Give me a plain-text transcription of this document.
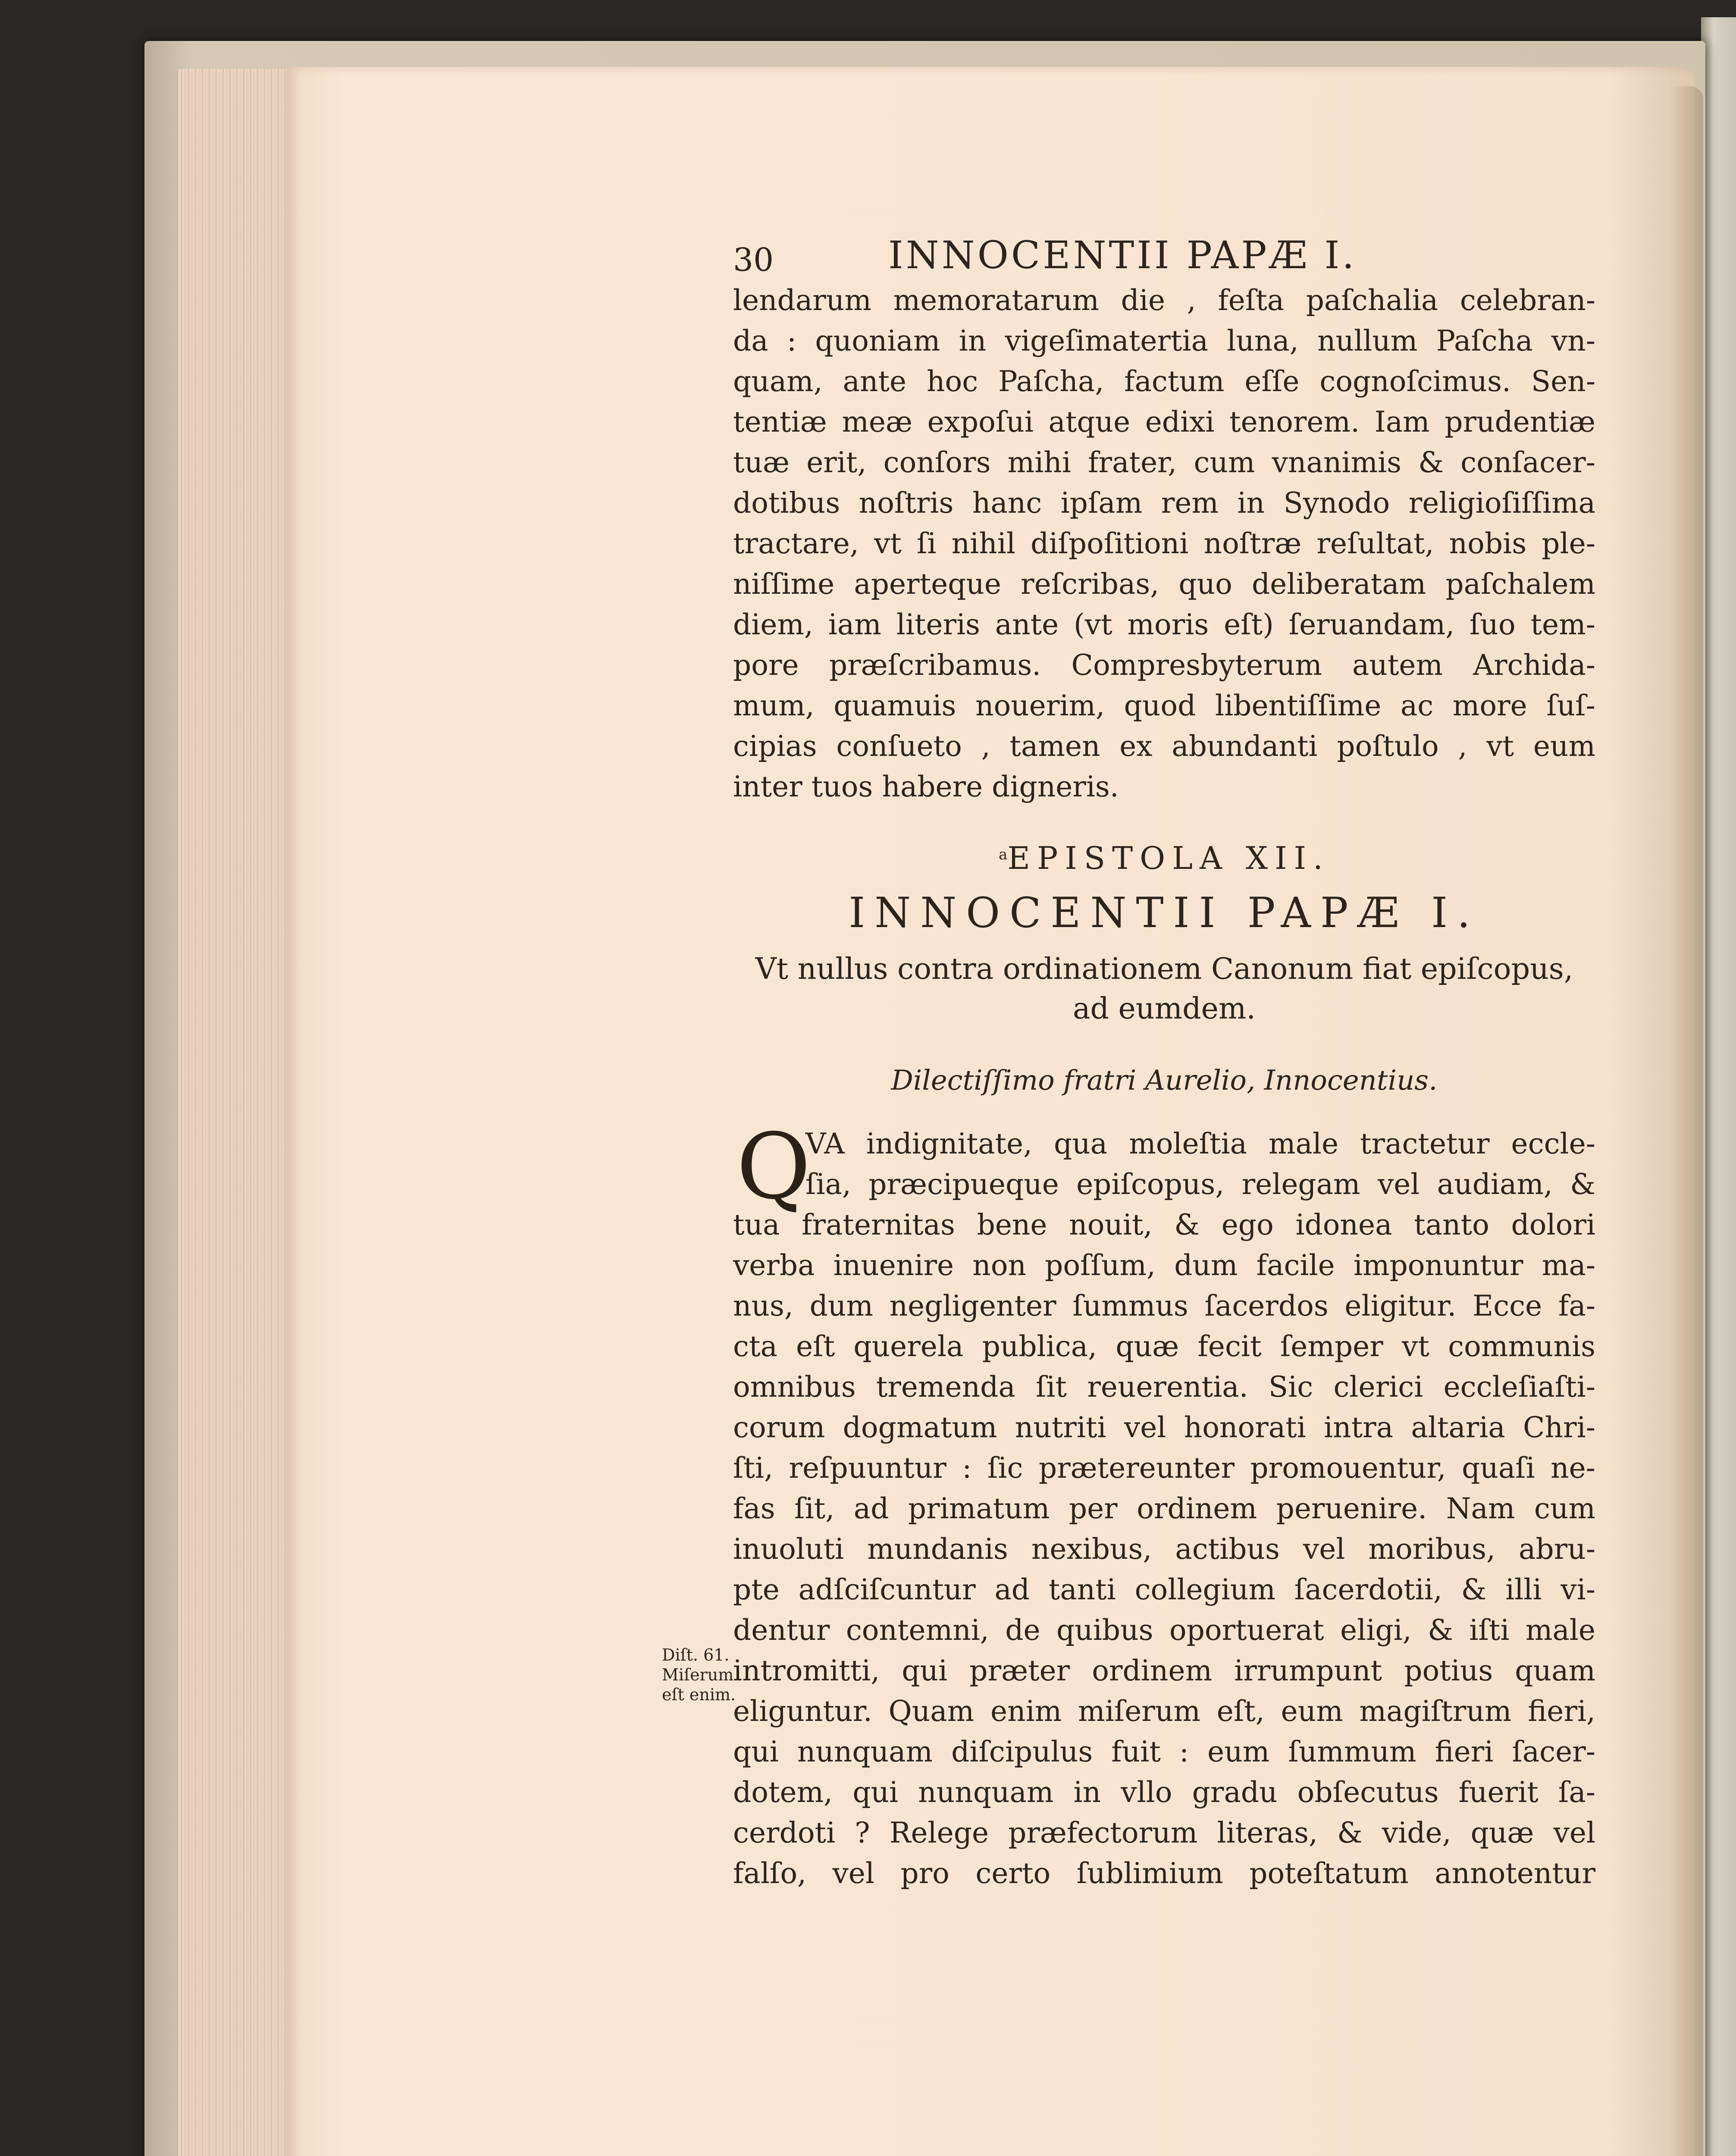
30	INNOCENTII PAPÆ I.
lendarum memoratarum die , feſta paſchalia celebran-
da : quoniam in vigeſimatertia luna, nullum Paſcha vn-
quam, ante hoc Paſcha, factum eſſe cognoſcimus. Sen-
tentiæ meæ expoſui atque edixi tenorem. Iam prudentiæ
tuæ erit, conſors mihi frater, cum vnanimis & conſacer-
dotibus noſtris hanc ipſam rem in Synodo religioſiſſima
tractare, vt ſi nihil diſpoſitioni noſtræ reſultat, nobis ple-
niſſime aperteque reſcribas, quo deliberatam paſchalem
diem, iam literis ante (vt moris eſt) ſeruandam, ſuo tem-
pore præſcribamus. Compresbyterum autem Archida-
mum, quamuis nouerim, quod libentiſſime ac more ſuſ-
cipias conſueto , tamen ex abundanti poſtulo , vt eum
inter tuos habere digneris.
$^a$EPISTOLA XII.
INNOCENTII PAPÆ I.
Vt nullus contra ordinationem Canonum fiat epiſcopus,
ad eumdem.
Dilectiſſimo fratri Aurelio, Innocentius.
Q
VA indignitate, qua moleſtia male tractetur eccle-
ſia, præcipueque epiſcopus, relegam vel audiam, &
tua fraternitas bene nouit, & ego idonea tanto dolori
verba inuenire non poſſum, dum facile imponuntur ma-
nus, dum negligenter ſummus ſacerdos eligitur. Ecce fa-
cta eſt querela publica, quæ fecit ſemper vt communis
omnibus tremenda ſit reuerentia. Sic clerici eccleſiaſti-
corum dogmatum nutriti vel honorati intra altaria Chri-
ſti, reſpuuntur : ſic prætereunter promouentur, quaſi ne-
fas ſit, ad primatum per ordinem peruenire. Nam cum
inuoluti mundanis nexibus, actibus vel moribus, abru-
pte adſciſcuntur ad tanti collegium ſacerdotii, & illi vi-
dentur contemni, de quibus oportuerat eligi, & iſti male
intromitti, qui præter ordinem irrumpunt potius quam
eliguntur. Quam enim miſerum eſt, eum magiſtrum fieri,
qui nunquam diſcipulus fuit : eum ſummum fieri ſacer-
dotem, qui nunquam in vllo gradu obſecutus fuerit ſa-
cerdoti ? Relege præfectorum literas, & vide, quæ vel
falſo, vel pro certo ſublimium poteſtatum annotentur
Diſt. 61.
Miſerum
eſt enim.
